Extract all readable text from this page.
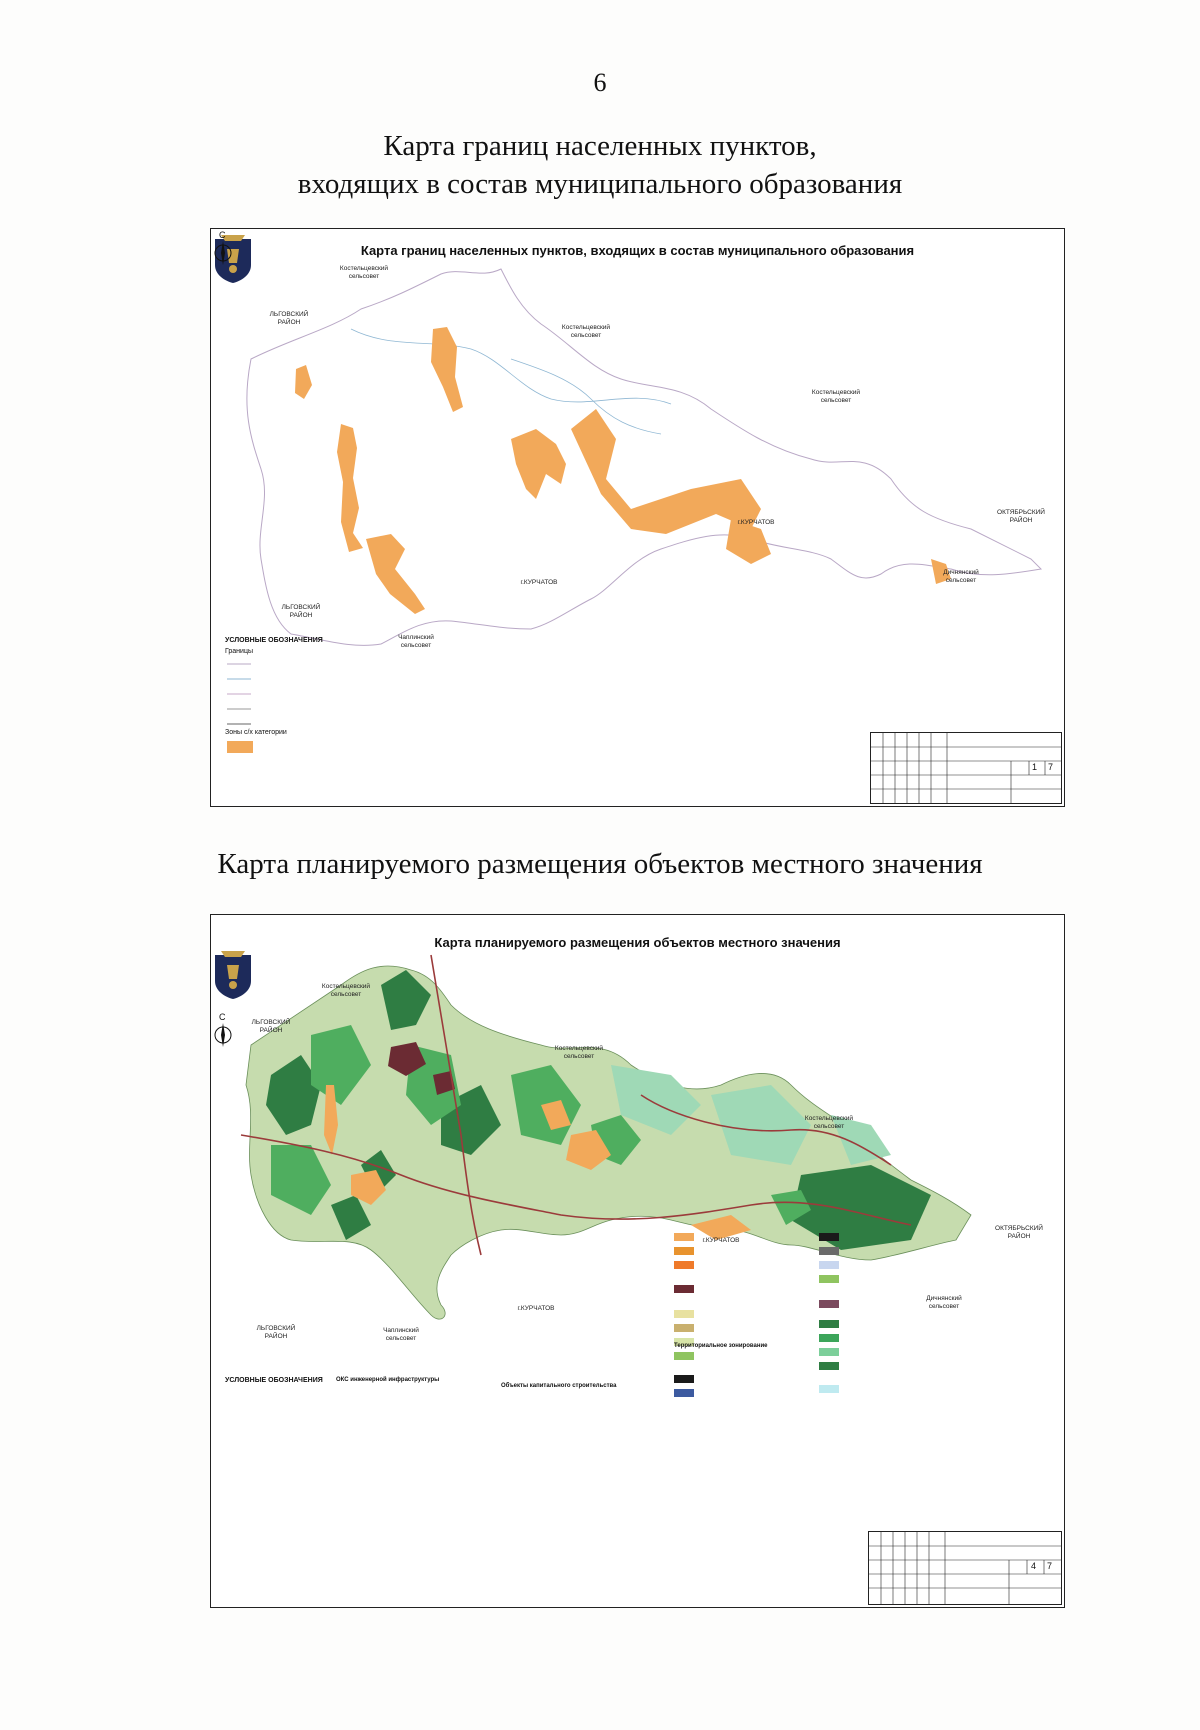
6
Карта границ населенных пунктов,
входящих в состав муниципального образования
Карта границ населенных пунктов, входящих в состав муниципального образования
С
Костельцевский сельсовет
ЛЬГОВСКИЙ РАЙОН
Костельцевский сельсовет
Костельцевский сельсовет
ОКТЯБРЬСКИЙ РАЙОН
г.КУРЧАТОВ
г.КУРЧАТОВ
ЛЬГОВСКИЙ РАЙОН
Чаплинский сельсовет
Дичнянский сельсовет
УСЛОВНЫЕ ОБОЗНАЧЕНИЯ
Границы
Зоны с/х категории
1 7
Карта планируемого размещения объектов местного значения
Карта планируемого размещения объектов местного значения
С
Костельцевский сельсовет
ЛЬГОВСКИЙ РАЙОН
Костельцевский сельсовет
Костельцевский сельсовет
ОКТЯБРЬСКИЙ РАЙОН
г.КУРЧАТОВ
г.КУРЧАТОВ
ЛЬГОВСКИЙ РАЙОН
Чаплинский сельсовет
Дичнянский сельсовет
УСЛОВНЫЕ ОБОЗНАЧЕНИЯ ОКС инженерной инфраструктуры
Объекты капитального строительства
Территориальное зонирование
4 7
